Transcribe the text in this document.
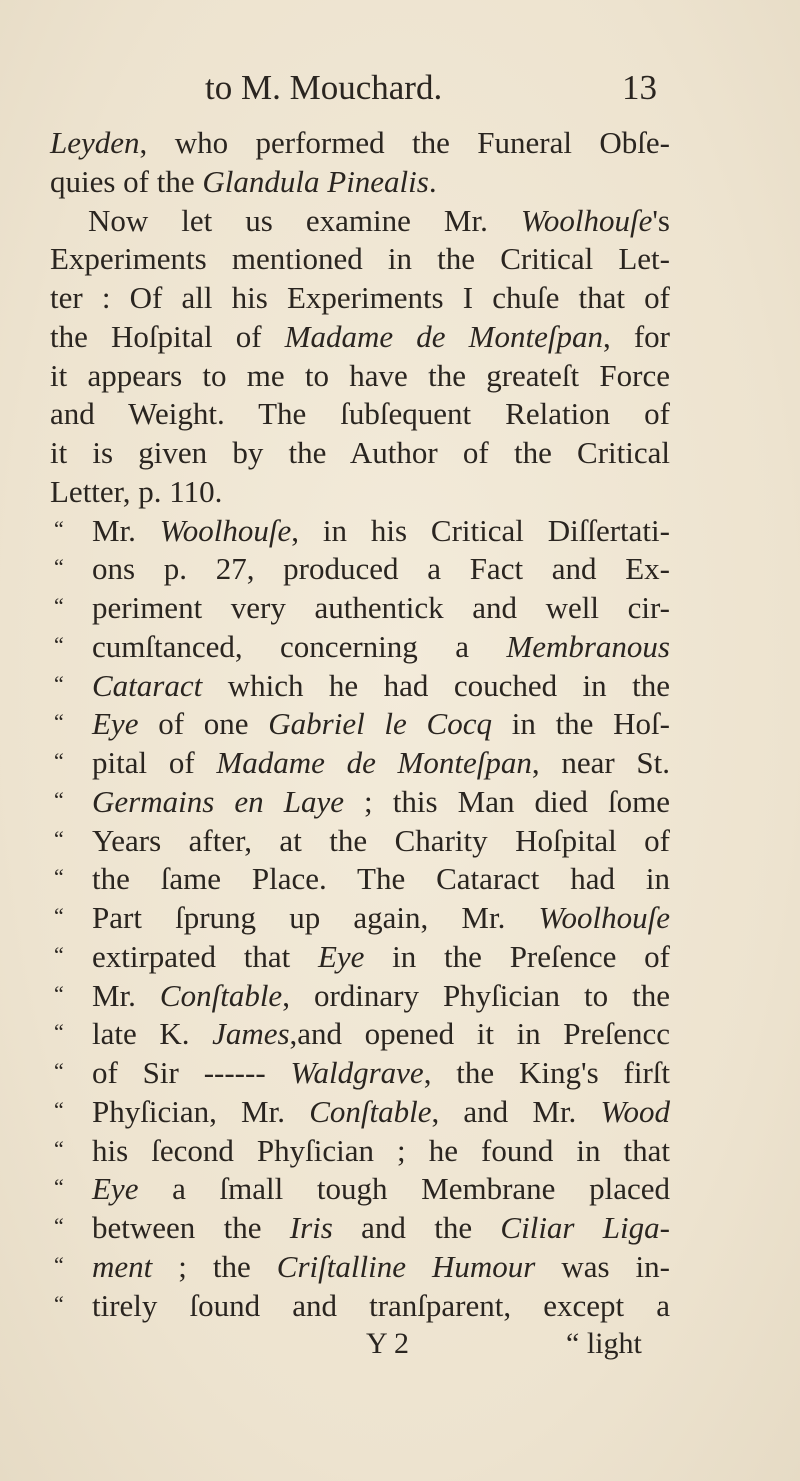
to M. Mouchard.	13
Leyden, who performed the Funeral Obſe-
quies of the Glandula Pinealis.
Now let us examine Mr. Woolhouſe's
Experiments mentioned in the Critical Let-
ter : Of all his Experiments I chuſe that of
the Hoſpital of Madame de Monteſpan, for
it appears to me to have the greateſt Force
and Weight. The ſubſequent Relation of
it is given by the Author of the Critical
Letter, p. 110.
“ Mr. Woolhouſe, in his Critical Diſſertati-
“ ons p. 27, produced a Fact and Ex-
“ periment very authentick and well cir-
“ cumſtanced, concerning a Membranous
“ Cataract which he had couched in the
“ Eye of one Gabriel le Cocq in the Hoſ-
“ pital of Madame de Monteſpan, near St.
“ Germains en Laye ; this Man died ſome
“ Years after, at the Charity Hoſpital of
“ the ſame Place. The Cataract had in
“ Part ſprung up again, Mr. Woolhouſe
“ extirpated that Eye in the Preſence of
“ Mr. Conſtable, ordinary Phyſician to the
“ late K. James,and opened it in Preſencc
“ of Sir ------ Waldgrave, the King's firſt
“ Phyſician, Mr. Conſtable, and Mr. Wood
“ his ſecond Phyſician ; he found in that
“ Eye a ſmall tough Membrane placed
“ between the Iris and the Ciliar Liga-
“ ment ; the Criſtalline Humour was in-
“ tirely ſound and tranſparent, except a
Y 2	“ light
